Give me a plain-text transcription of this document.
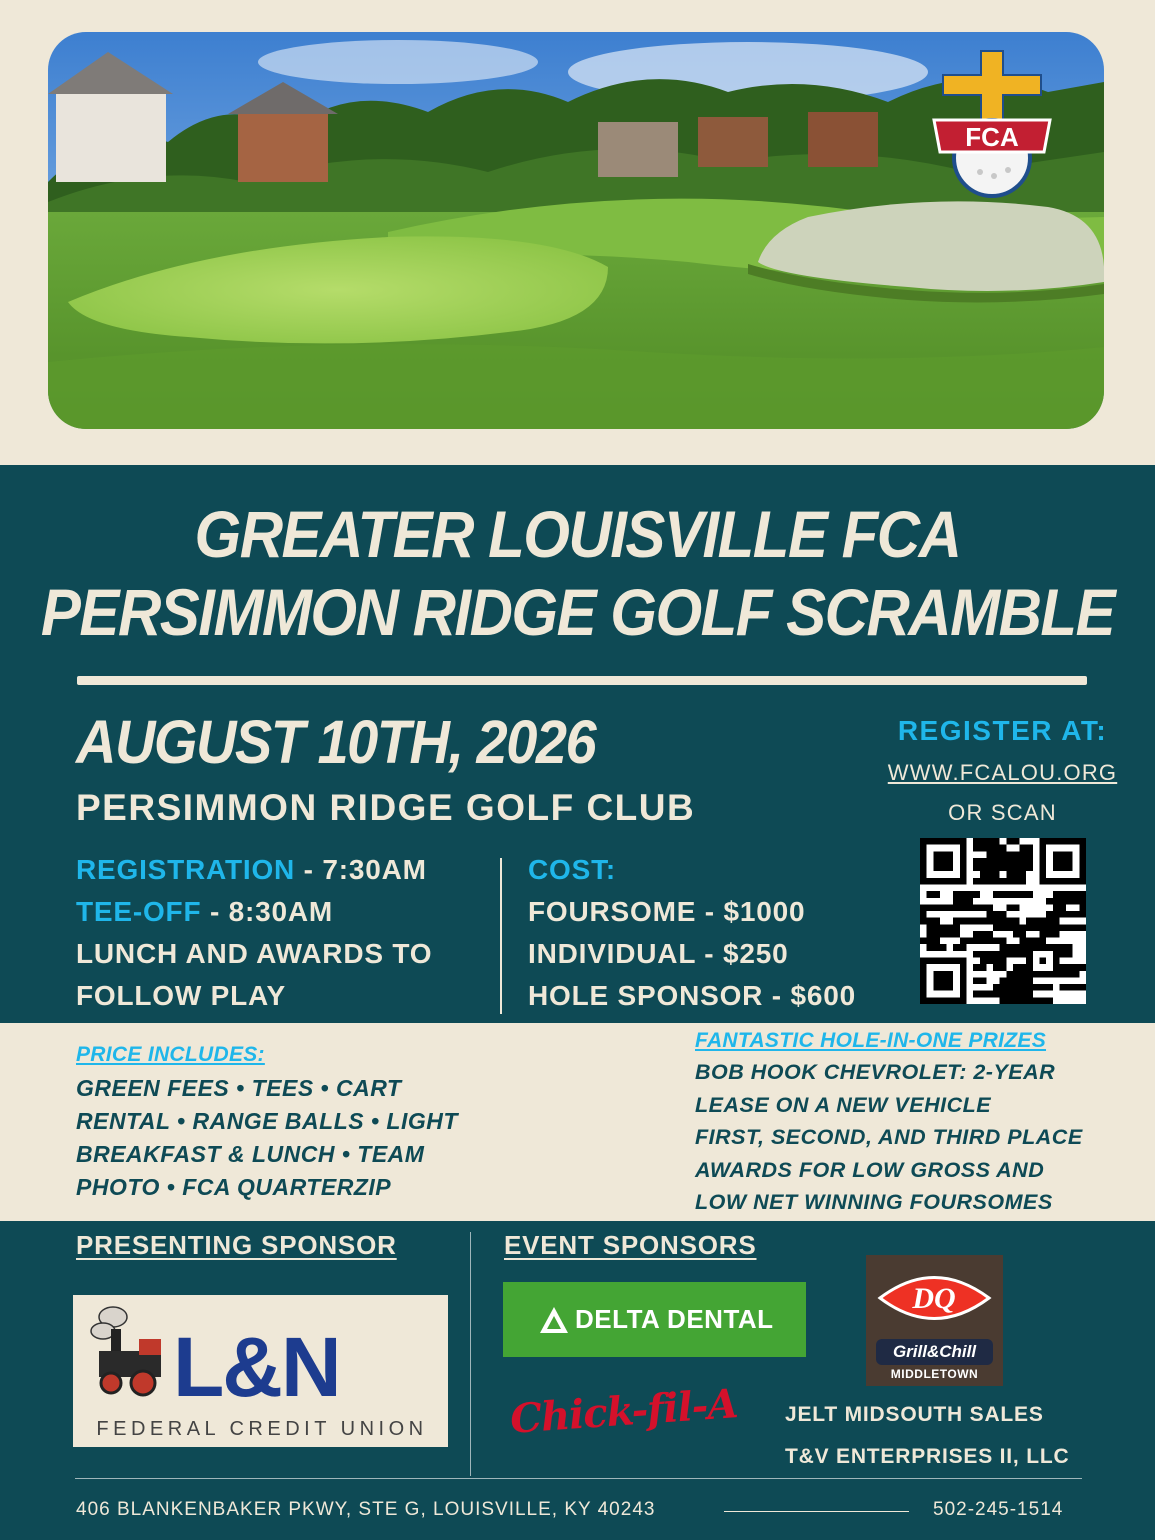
FCA
GREATER LOUISVILLE FCA
PERSIMMON RIDGE GOLF SCRAMBLE
AUGUST 10TH, 2026
PERSIMMON RIDGE GOLF CLUB
REGISTRATION - 7:30AM
TEE-OFF - 8:30AM
LUNCH AND AWARDS TO
FOLLOW PLAY
COST:
FOURSOME - $1000
INDIVIDUAL - $250
HOLE SPONSOR - $600
REGISTER AT:
WWW.FCALOU.ORG
OR SCAN
PRICE INCLUDES:
GREEN FEES • TEES • CART
RENTAL • RANGE BALLS • LIGHT
BREAKFAST & LUNCH • TEAM
PHOTO • FCA QUARTERZIP
FANTASTIC HOLE-IN-ONE PRIZES
BOB HOOK CHEVROLET: 2-YEAR
LEASE ON A NEW VEHICLE
FIRST, SECOND, AND THIRD PLACE
AWARDS FOR LOW GROSS AND
LOW NET WINNING FOURSOMES
PRESENTING SPONSOR	EVENT SPONSORS
L&N
FEDERAL CREDIT UNION
DELTA DENTAL
DQ
Grill&Chill
MIDDLETOWN
Chick-fil-A JELT MIDSOUTH SALES
T&V ENTERPRISES II, LLC
406 BLANKENBAKER PKWY, STE G, LOUISVILLE, KY 40243	502-245-1514
